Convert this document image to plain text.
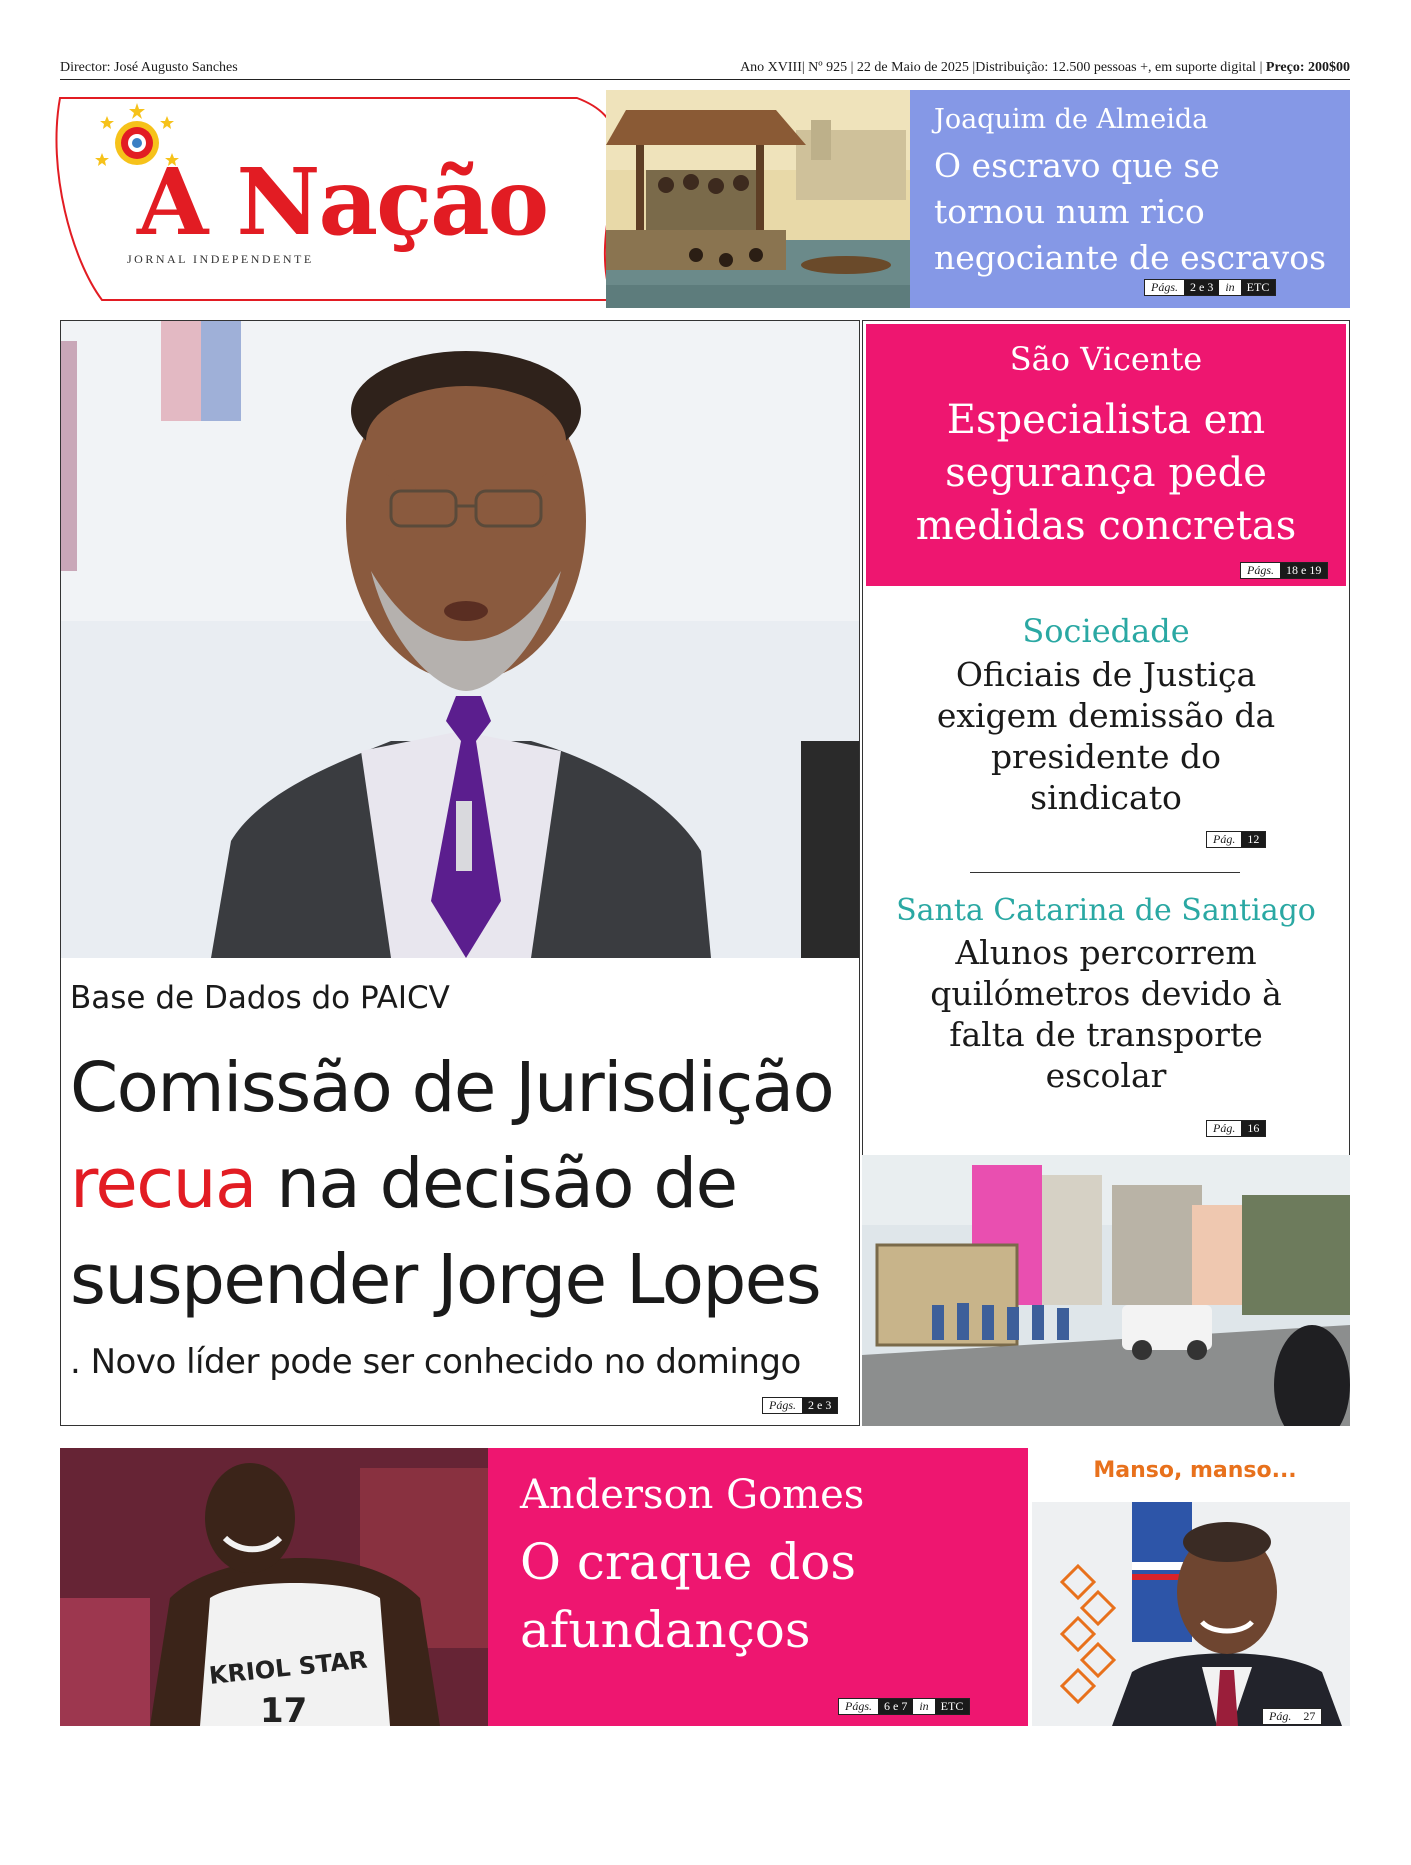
Director: José Augusto Sanches	Ano XVIII| Nº 925 | 22 de Maio de 2025 |Distribuição: 12.500 pessoas +, em suporte digital | Preço: 200$00
A Nação
JORNAL INDEPENDENTE
Joaquim de Almeida
O escravo que se tornou num rico negociante de escravos
Págs.	2 e 3	in	ETC
Base de Dados do PAICV
Comissão de Jurisdição
recua na decisão de suspender Jorge Lopes
. Novo líder pode ser conhecido no domingo
Págs.	2 e 3
São Vicente
Especialista em segurança pede medidas concretas
Págs.	18 e 19
Sociedade
Oficiais de Justiça exigem demissão da presidente do sindicato
Pág.	12
Santa Catarina de Santiago
Alunos percorrem quilómetros devido à falta de transporte escolar
Pág.	16
KRIOL STAR
17
Anderson Gomes
O craque dos afundanços
Págs.	6 e 7	in	ETC
Manso, manso...
Pág.	27
